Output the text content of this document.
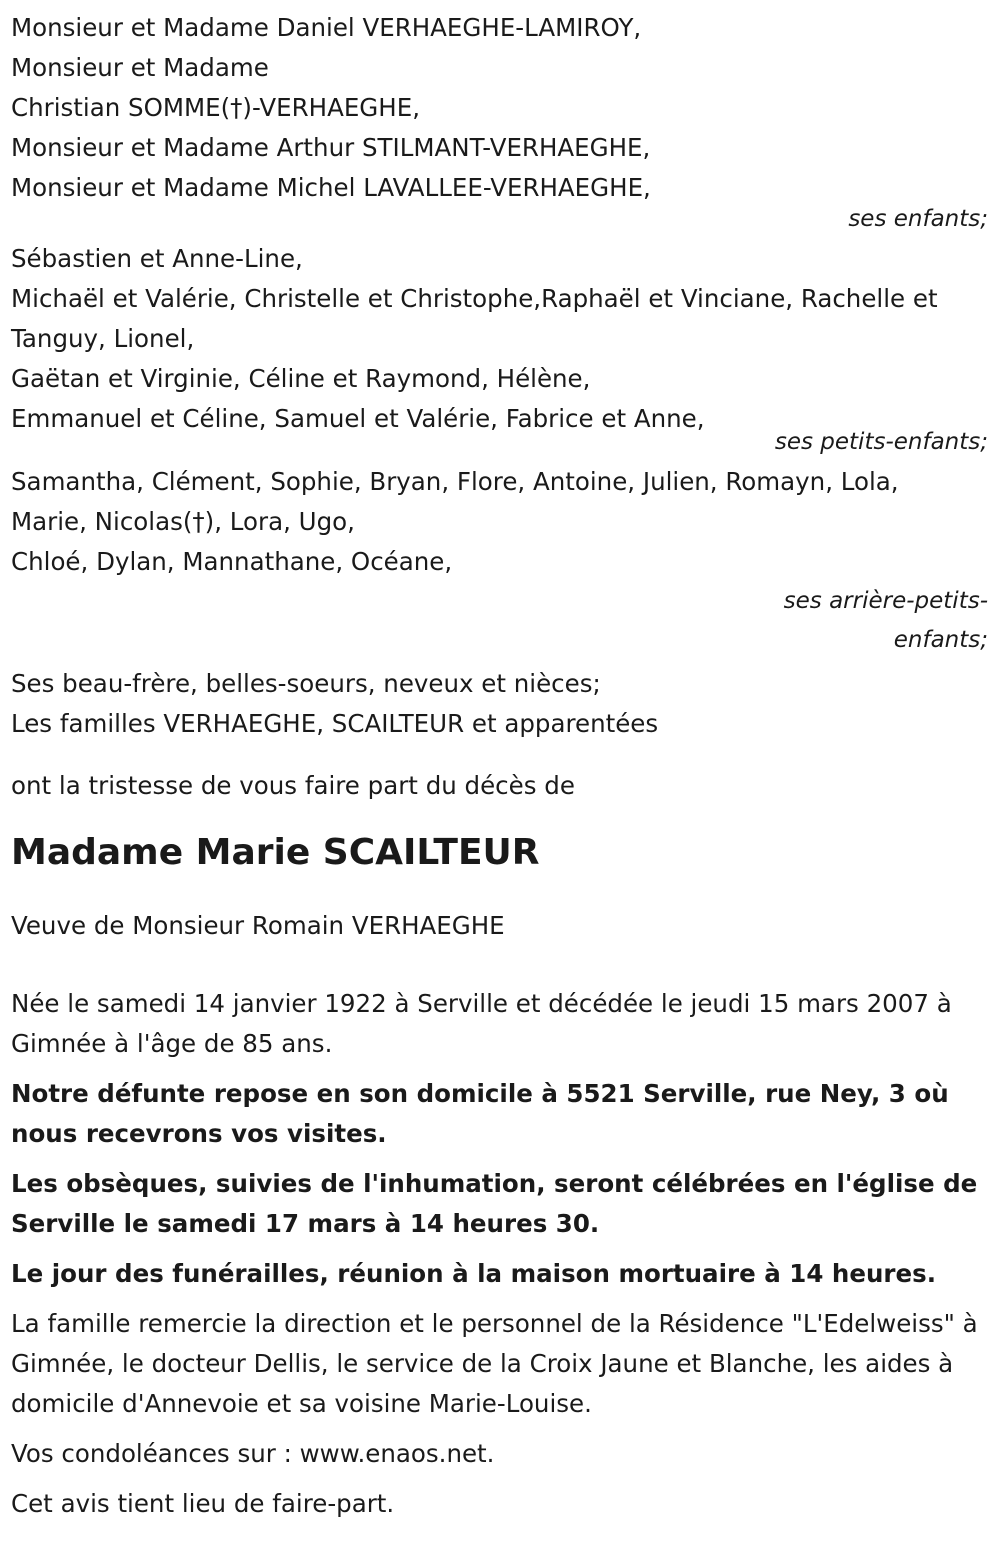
Monsieur et Madame Daniel VERHAEGHE-LAMIROY,
Monsieur et Madame
Christian SOMME(†)-VERHAEGHE,
Monsieur et Madame Arthur STILMANT-VERHAEGHE,
Monsieur et Madame Michel LAVALLEE-VERHAEGHE,
ses enfants;
Sébastien et Anne-Line,
Michaël et Valérie, Christelle et Christophe,Raphaël et Vinciane, Rachelle et Tanguy, Lionel,
Gaëtan et Virginie, Céline et Raymond, Hélène,
Emmanuel et Céline, Samuel et Valérie, Fabrice et Anne,
ses petits-enfants;
Samantha, Clément, Sophie, Bryan, Flore, Antoine, Julien, Romayn, Lola, Marie, Nicolas(†), Lora, Ugo,
Chloé, Dylan, Mannathane, Océane,
ses arrière-petits-enfants;
Ses beau-frère, belles-soeurs, neveux et nièces;
Les familles VERHAEGHE, SCAILTEUR et apparentées
ont la tristesse de vous faire part du décès de
Madame Marie SCAILTEUR
Veuve de Monsieur Romain VERHAEGHE

Née le samedi 14 janvier 1922 à Serville et décédée le jeudi 15 mars 2007 à Gimnée à l'âge de 85 ans.

Notre défunte repose en son domicile à 5521 Serville, rue Ney, 3 où nous recevrons vos visites.

Les obsèques, suivies de l'inhumation, seront célébrées en l'église de Serville le samedi 17 mars à 14 heures 30.

Le jour des funérailles, réunion à la maison mortuaire à 14 heures.

La famille remercie la direction et le personnel de la Résidence "L'Edelweiss" à Gimnée, le docteur Dellis, le service de la Croix Jaune et Blanche, les aides à domicile d'Annevoie et sa voisine Marie-Louise.

Vos condoléances sur : www.enaos.net.

Cet avis tient lieu de faire-part.
